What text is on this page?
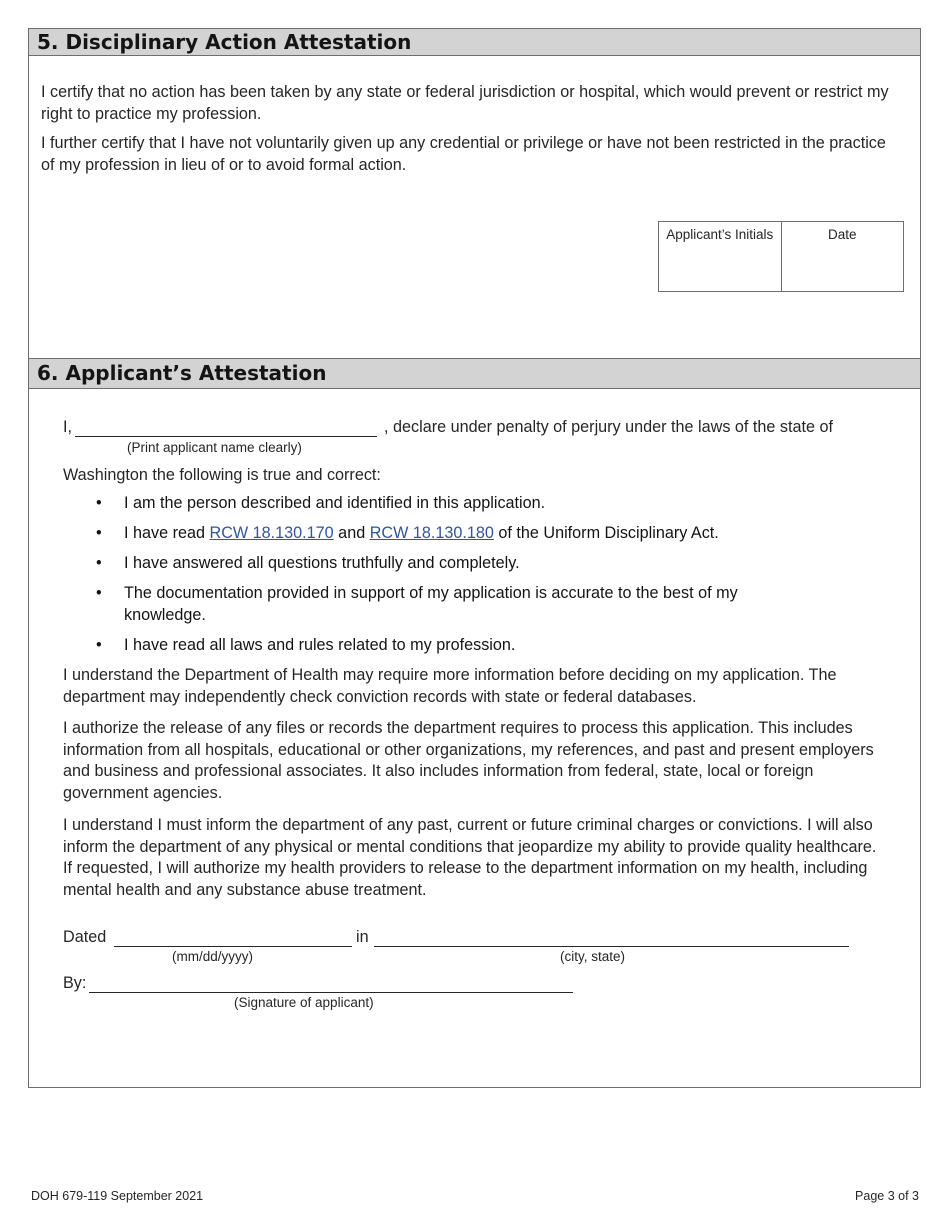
5. Disciplinary Action Attestation

I certify that no action has been taken by any state or federal jurisdiction or hospital, which would prevent or restrict my right to practice my profession.

I further certify that I have not voluntarily given up any credential or privilege or have not been restricted in the practice of my profession in lieu of or to avoid formal action.

Applicant’s Initials	Date
6. Applicant’s Attestation
I,	, declare under penalty of perjury under the laws of the state of
(Print applicant name clearly)

Washington the following is true and correct:

• I am the person described and identified in this application.
• I have read RCW 18.130.170 and RCW 18.130.180 of the Uniform Disciplinary Act.
• I have answered all questions truthfully and completely.
• The documentation provided in support of my application is accurate to the best of my knowledge.
• I have read all laws and rules related to my profession.

I understand the Department of Health may require more information before deciding on my application. The department may independently check conviction records with state or federal databases.

I authorize the release of any files or records the department requires to process this application. This includes information from all hospitals, educational or other organizations, my references, and past and present employers and business and professional associates. It also includes information from federal, state, local or foreign government agencies.

I understand I must inform the department of any past, current or future criminal charges or convictions. I will also inform the department of any physical or mental conditions that jeopardize my ability to provide quality healthcare. If requested, I will authorize my health providers to release to the department information on my health, including mental health and any substance abuse treatment.

Dated	in
(mm/dd/yyyy)	(city, state)
By:
(Signature of applicant)
DOH 679-119 September 2021	Page 3 of 3
